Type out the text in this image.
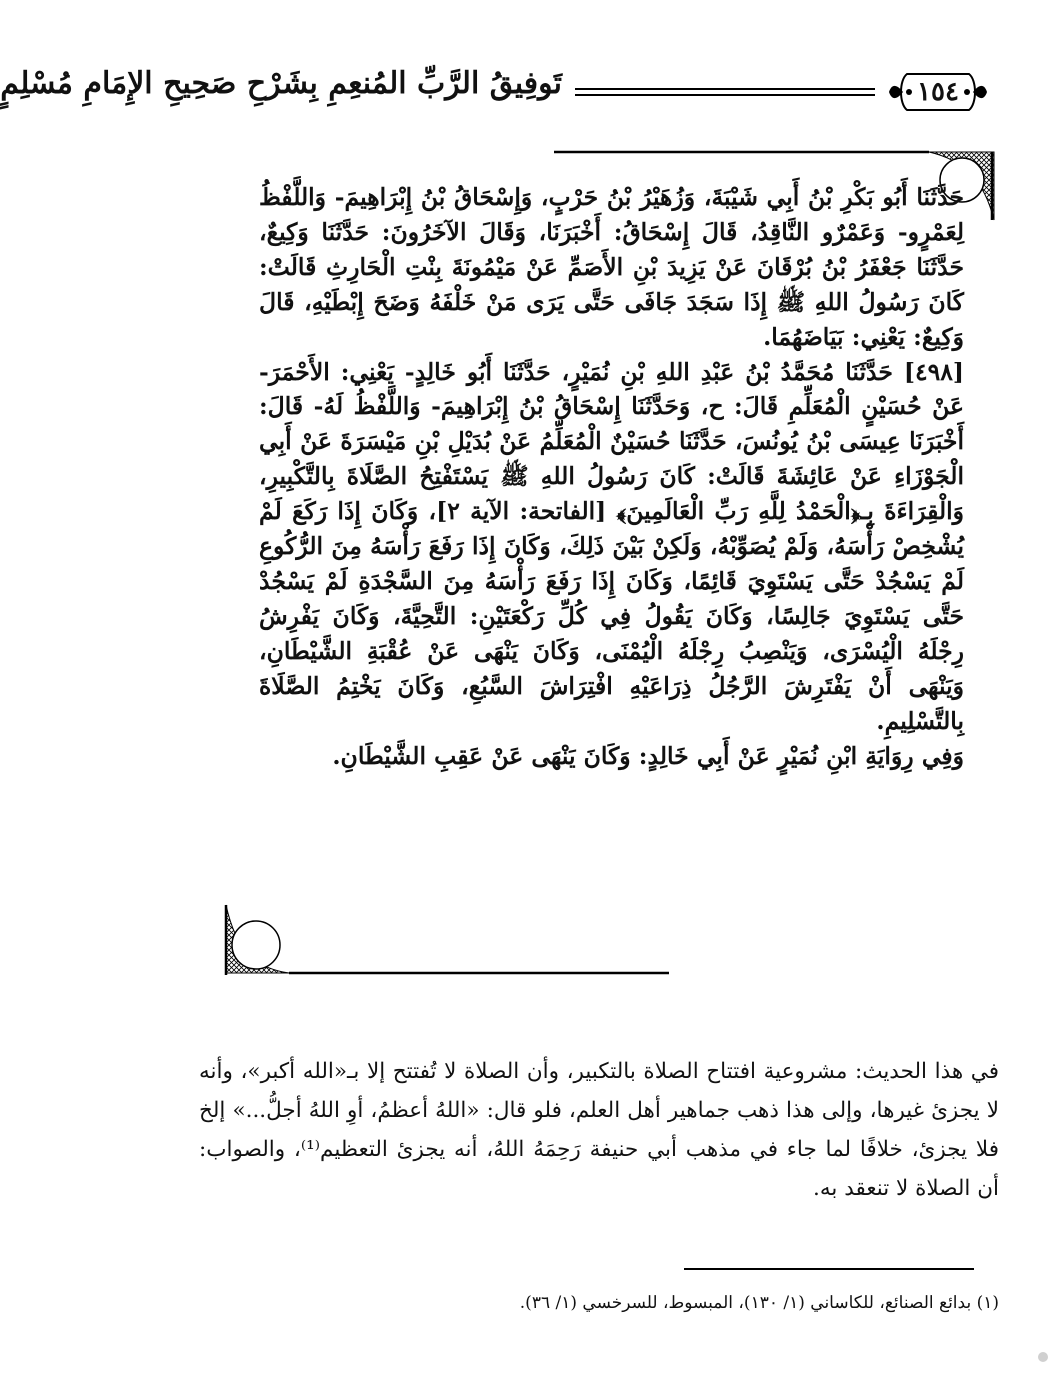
تَوفِيقُ الرَّبِّ المُنعِمِ بِشَرْحِ صَحِيحِ الإِمَامِ مُسْلِمٍ	١٥٤

حَدَّثَنَا أَبُو بَكْرِ بْنُ أَبِي شَيْبَةَ، وَزُهَيْرُ بْنُ حَرْبٍ، وَإِسْحَاقُ بْنُ إِبْرَاهِيمَ- وَاللَّفْظُ لِعَمْرٍو- وَعَمْرٌو النَّاقِدُ، قَالَ إِسْحَاقُ: أَخْبَرَنَا، وَقَالَ الآخَرُونَ: حَدَّثَنَا وَكِيعٌ، حَدَّثَنَا جَعْفَرُ بْنُ بُرْقَانَ عَنْ يَزِيدَ بْنِ الأَصَمِّ عَنْ مَيْمُونَةَ بِنْتِ الْحَارِثِ قَالَتْ: كَانَ رَسُولُ اللهِ ﷺ إِذَا سَجَدَ جَافَى حَتَّى يَرَى مَنْ خَلْفَهُ وَضَحَ إِبْطَيْهِ، قَالَ وَكِيعٌ: يَعْنِي: بَيَاضَهُمَا.

[٤٩٨] حَدَّثَنَا مُحَمَّدُ بْنُ عَبْدِ اللهِ بْنِ نُمَيْرٍ، حَدَّثَنَا أَبُو خَالِدٍ- يَعْنِي: الأَحْمَرَ- عَنْ حُسَيْنٍ الْمُعَلِّمِ قَالَ: ح، وَحَدَّثَنَا إِسْحَاقُ بْنُ إِبْرَاهِيمَ- وَاللَّفْظُ لَهُ- قَالَ: أَخْبَرَنَا عِيسَى بْنُ يُونُسَ، حَدَّثَنَا حُسَيْنٌ الْمُعَلِّمُ عَنْ بُدَيْلِ بْنِ مَيْسَرَةَ عَنْ أَبِي الْجَوْزَاءِ عَنْ عَائِشَةَ قَالَتْ: كَانَ رَسُولُ اللهِ ﷺ يَسْتَفْتِحُ الصَّلَاةَ بِالتَّكْبِيرِ، وَالْقِرَاءَةَ بِـ﴿الْحَمْدُ لِلَّهِ رَبِّ الْعَالَمِينَ﴾ [الفاتحة: الآية ٢]، وَكَانَ إِذَا رَكَعَ لَمْ يُشْخِصْ رَأْسَهُ، وَلَمْ يُصَوِّبْهُ، وَلَكِنْ بَيْنَ ذَلِكَ، وَكَانَ إِذَا رَفَعَ رَأْسَهُ مِنَ الرُّكُوعِ لَمْ يَسْجُدْ حَتَّى يَسْتَوِيَ قَائِمًا، وَكَانَ إِذَا رَفَعَ رَأْسَهُ مِنَ السَّجْدَةِ لَمْ يَسْجُدْ حَتَّى يَسْتَوِيَ جَالِسًا، وَكَانَ يَقُولُ فِي كُلِّ رَكْعَتَيْنِ: التَّحِيَّةَ، وَكَانَ يَفْرِشُ رِجْلَهُ الْيُسْرَى، وَيَنْصِبُ رِجْلَهُ الْيُمْنَى، وَكَانَ يَنْهَى عَنْ عُقْبَةِ الشَّيْطَانِ، وَيَنْهَى أَنْ يَفْتَرِشَ الرَّجُلُ ذِرَاعَيْهِ افْتِرَاشَ السَّبُعِ، وَكَانَ يَخْتِمُ الصَّلَاةَ بِالتَّسْلِيمِ.

وَفِي رِوَايَةِ ابْنِ نُمَيْرٍ عَنْ أَبِي خَالِدٍ: وَكَانَ يَنْهَى عَنْ عَقِبِ الشَّيْطَانِ.

في هذا الحديث: مشروعية افتتاح الصلاة بالتكبير، وأن الصلاة لا تُفتتح إلا بـ«الله أكبر»، وأنه لا يجزئ غيرها، وإلى هذا ذهب جماهير أهل العلم، فلو قال: «اللهُ أعظمُ، أوِ اللهُ أجلُّ...» إلخ فلا يجزئ، خلافًا لما جاء في مذهب أبي حنيفة رَحِمَهُ اللهُ، أنه يجزئ التعظيم⁽¹⁾، والصواب: أن الصلاة لا تنعقد به.
(١) بدائع الصنائع، للكاساني (١/ ١٣٠)، المبسوط، للسرخسي (١/ ٣٦).
